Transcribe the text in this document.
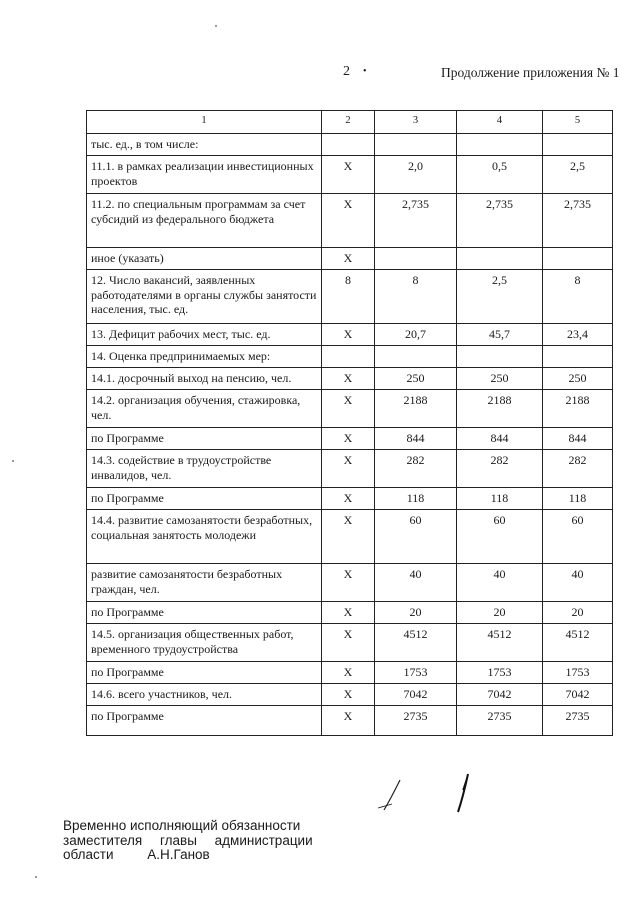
2 •	Продолжение приложения № 1
1	2	3	4	5
тыс. ед., в том числе:				
11.1. в рамках реализации инвестиционных проектов	X	2,0	0,5	2,5
11.2. по специальным программам за счет субсидий из федерального бюджета	X	2,735	2,735	2,735
иное (указать)	X			
12. Число вакансий, заявленных работодателями в органы службы занятости населения, тыс. ед.	8	8	2,5	8
13. Дефицит рабочих мест, тыс. ед.	X	20,7	45,7	23,4
14. Оценка предпринимаемых мер:				
14.1. досрочный выход на пенсию, чел.	X	250	250	250
14.2. организация обучения, стажировка, чел.	X	2188	2188	2188
по Программе	X	844	844	844
14.3. содействие в трудоустройстве инвалидов, чел.	X	282	282	282
по Программе	X	118	118	118
14.4. развитие самозанятости безработных, социальная занятость молодежи	X	60	60	60
развитие самозанятости безработных граждан, чел.	X	40	40	40
по Программе	X	20	20	20
14.5. организация общественных работ, временного трудоустройства	X	4512	4512	4512
по Программе	X	1753	1753	1753
14.6. всего участников, чел.	X	7042	7042	7042
по Программе	X	2735	2735	2735
Временно исполняющий обязанности
заместителя главы администрации
области	А.Н.Ганов
